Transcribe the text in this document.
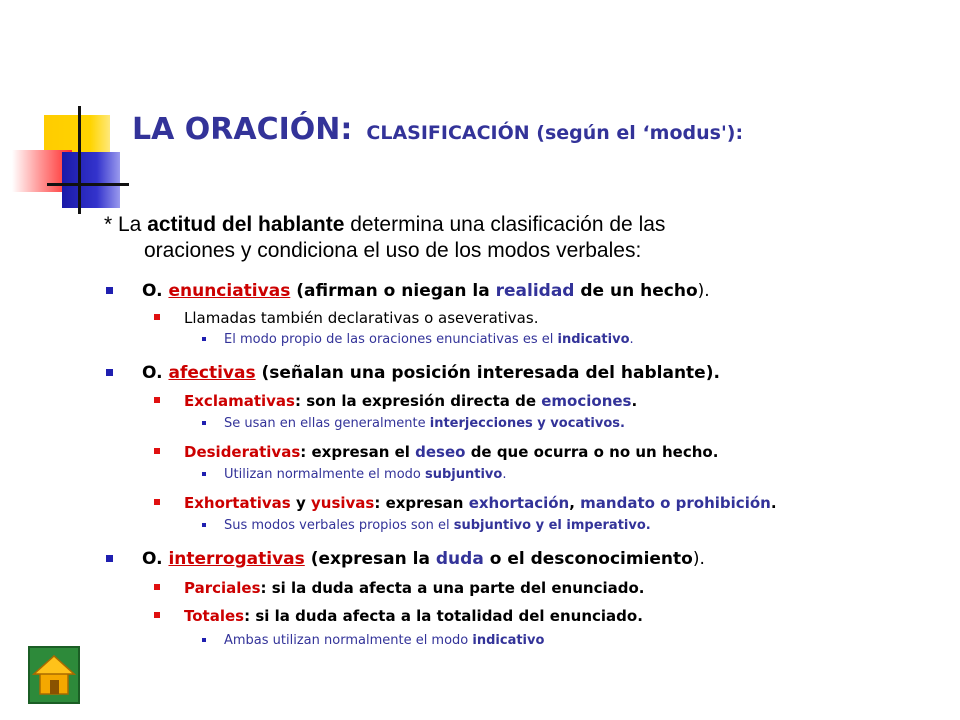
LA ORACIÓN: CLASIFICACIÓN (según el ‘modus'):
* La actitud del hablante determina una clasificación de las
oraciones y condiciona el uso de los modos verbales:
O. enunciativas (afirman o niegan la realidad de un hecho).
Llamadas también declarativas o aseverativas.
El modo propio de las oraciones enunciativas es el indicativo.
O. afectivas (señalan una posición interesada del hablante).
Exclamativas: son la expresión directa de emociones.
Se usan en ellas generalmente interjecciones y vocativos.
Desiderativas: expresan el deseo de que ocurra o no un hecho.
Utilizan normalmente el modo subjuntivo.
Exhortativas y yusivas: expresan exhortación, mandato o prohibición.
Sus modos verbales propios son el subjuntivo y el imperativo.
O. interrogativas (expresan la duda o el desconocimiento).
Parciales: si la duda afecta a una parte del enunciado.
Totales: si la duda afecta a la totalidad del enunciado.
Ambas utilizan normalmente el modo indicativo
